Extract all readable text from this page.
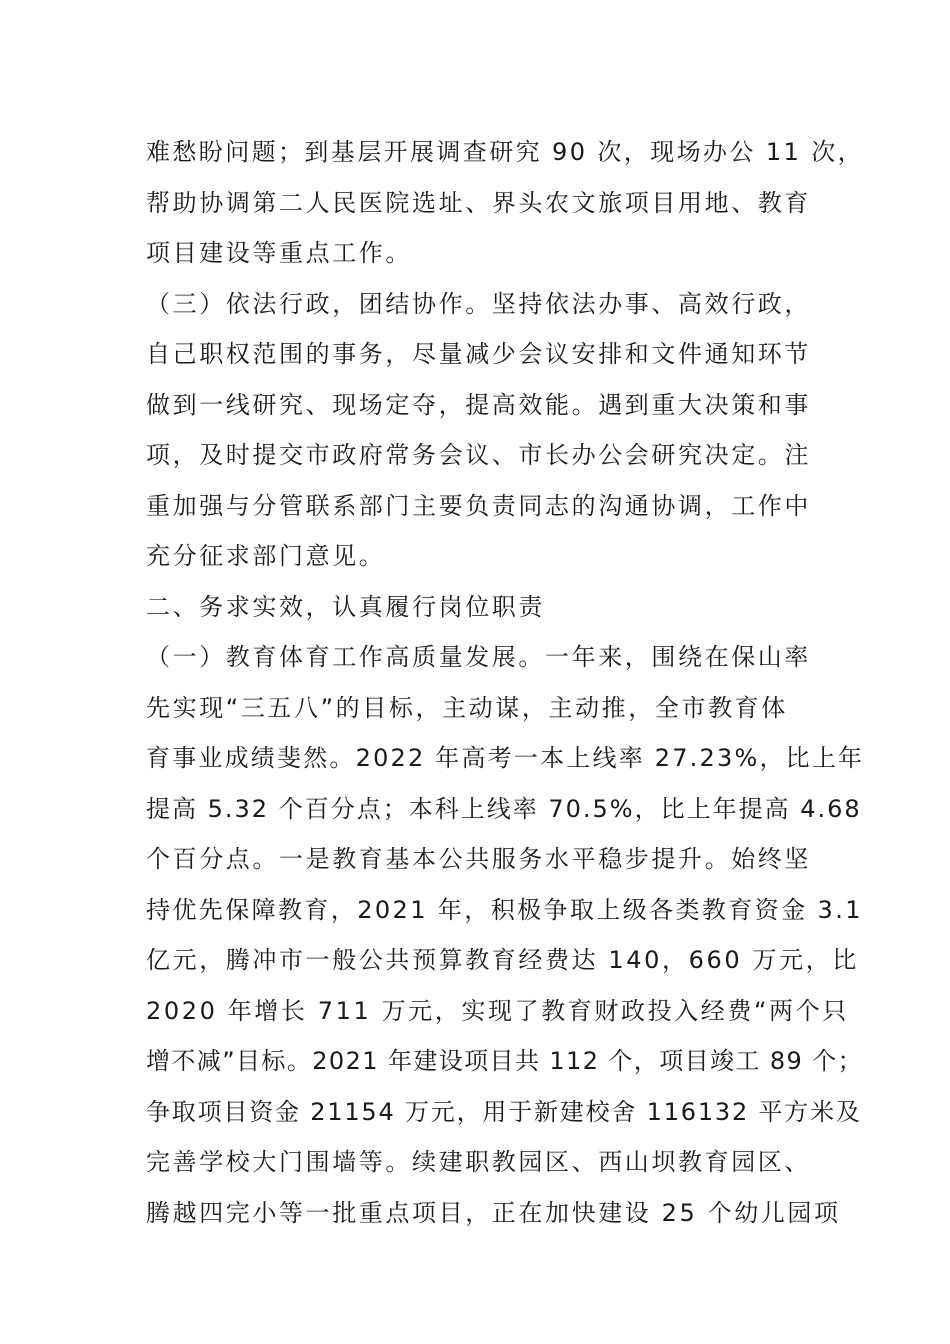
难愁盼问题；到基层开展调查研究 90 次，现场办公 11 次，
帮助协调第二人民医院选址、界头农文旅项目用地、教育
项目建设等重点工作。
（三）依法行政，团结协作。坚持依法办事、高效行政，
自己职权范围的事务，尽量减少会议安排和文件通知环节
做到一线研究、现场定夺，提高效能。遇到重大决策和事
项，及时提交市政府常务会议、市长办公会研究决定。注
重加强与分管联系部门主要负责同志的沟通协调，工作中
充分征求部门意见。
二、务求实效，认真履行岗位职责
（一）教育体育工作高质量发展。一年来，围绕在保山率
先实现“三五八”的目标，主动谋，主动推，全市教育体
育事业成绩斐然。2022 年高考一本上线率 27.23%，比上年
提高 5.32 个百分点；本科上线率 70.5%，比上年提高 4.68
个百分点。一是教育基本公共服务水平稳步提升。始终坚
持优先保障教育，2021 年，积极争取上级各类教育资金 3.1
亿元，腾冲市一般公共预算教育经费达 140，660 万元，比
2020 年增长 711 万元，实现了教育财政投入经费“两个只
增不减”目标。2021 年建设项目共 112 个，项目竣工 89 个；
争取项目资金 21154 万元，用于新建校舍 116132 平方米及
完善学校大门围墙等。续建职教园区、西山坝教育园区、
腾越四完小等一批重点项目，正在加快建设 25 个幼儿园项
